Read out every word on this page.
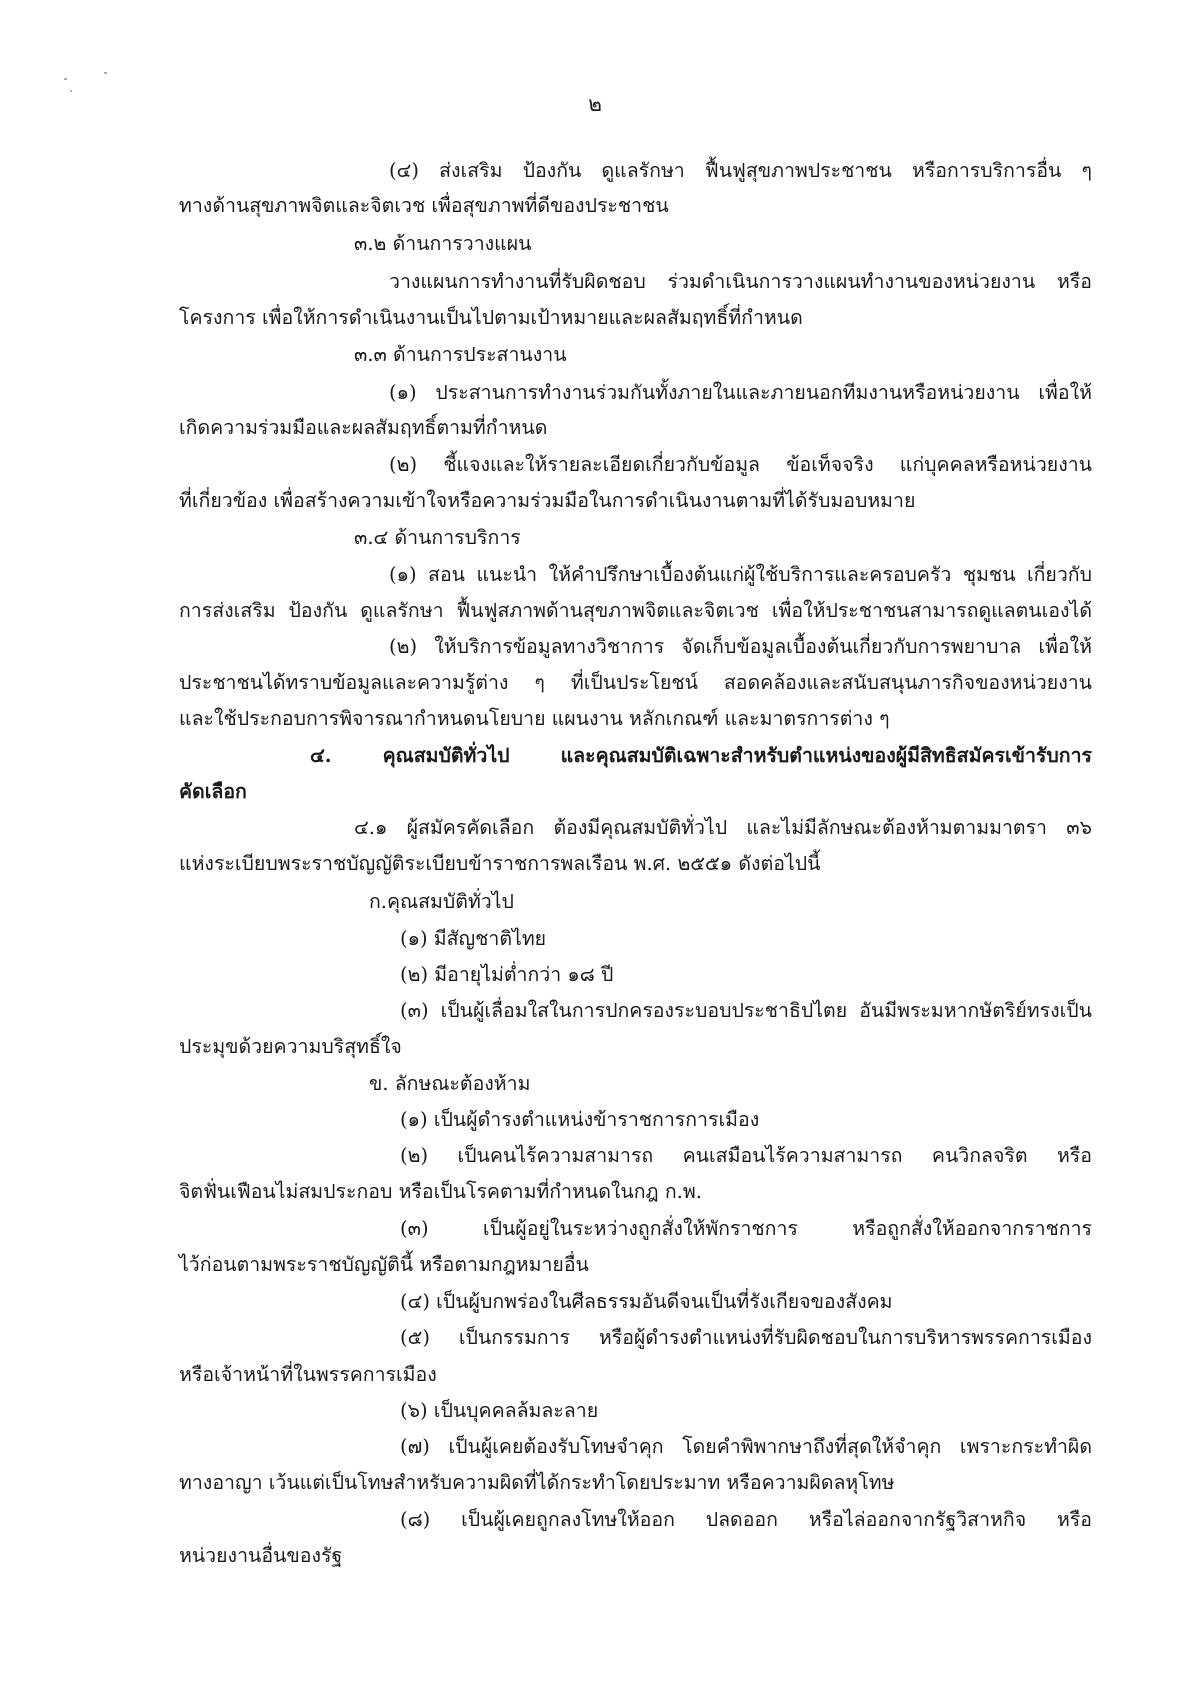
๒
(๔) ส่งเสริม ป้องกัน ดูแลรักษา ฟื้นฟูสุขภาพประชาชน หรือการบริการอื่น ๆ
ทางด้านสุขภาพจิตและจิตเวช เพื่อสุขภาพที่ดีของประชาชน
๓.๒ ด้านการวางแผน
วางแผนการทำงานที่รับผิดชอบ ร่วมดำเนินการวางแผนทำงานของหน่วยงาน หรือ
โครงการ เพื่อให้การดำเนินงานเป็นไปตามเป้าหมายและผลสัมฤทธิ์ที่กำหนด
๓.๓ ด้านการประสานงาน
(๑) ประสานการทำงานร่วมกันทั้งภายในและภายนอกทีมงานหรือหน่วยงาน เพื่อให้
เกิดความร่วมมือและผลสัมฤทธิ์ตามที่กำหนด
(๒) ชี้แจงและให้รายละเอียดเกี่ยวกับข้อมูล ข้อเท็จจริง แก่บุคคลหรือหน่วยงาน
ที่เกี่ยวข้อง เพื่อสร้างความเข้าใจหรือความร่วมมือในการดำเนินงานตามที่ได้รับมอบหมาย
๓.๔ ด้านการบริการ
(๑) สอน แนะนำ ให้คำปรึกษาเบื้องต้นแก่ผู้ใช้บริการและครอบครัว ชุมชน เกี่ยวกับ
การส่งเสริม ป้องกัน ดูแลรักษา ฟื้นฟูสภาพด้านสุขภาพจิตและจิตเวช เพื่อให้ประชาชนสามารถดูแลตนเองได้
(๒) ให้บริการข้อมูลทางวิชาการ จัดเก็บข้อมูลเบื้องต้นเกี่ยวกับการพยาบาล เพื่อให้
ประชาชนได้ทราบข้อมูลและความรู้ต่าง ๆ ที่เป็นประโยชน์ สอดคล้องและสนับสนุนภารกิจของหน่วยงาน
และใช้ประกอบการพิจารณากำหนดนโยบาย แผนงาน หลักเกณฑ์ และมาตรการต่าง ๆ
๔. คุณสมบัติทั่วไป และคุณสมบัติเฉพาะสำหรับตำแหน่งของผู้มีสิทธิสมัครเข้ารับการ
คัดเลือก
๔.๑ ผู้สมัครคัดเลือก ต้องมีคุณสมบัติทั่วไป และไม่มีลักษณะต้องห้ามตามมาตรา ๓๖
แห่งระเบียบพระราชบัญญัติระเบียบข้าราชการพลเรือน พ.ศ. ๒๕๕๑ ดังต่อไปนี้
ก.คุณสมบัติทั่วไป
(๑) มีสัญชาติไทย
(๒) มีอายุไม่ต่ำกว่า ๑๘ ปี
(๓) เป็นผู้เลื่อมใสในการปกครองระบอบประชาธิปไตย อันมีพระมหากษัตริย์ทรงเป็น
ประมุขด้วยความบริสุทธิ์ใจ
ข. ลักษณะต้องห้าม
(๑) เป็นผู้ดำรงตำแหน่งข้าราชการการเมือง
(๒) เป็นคนไร้ความสามารถ คนเสมือนไร้ความสามารถ คนวิกลจริต หรือ
จิตฟั่นเฟือนไม่สมประกอบ หรือเป็นโรคตามที่กำหนดในกฎ ก.พ.
(๓) เป็นผู้อยู่ในระหว่างถูกสั่งให้พักราชการ หรือถูกสั่งให้ออกจากราชการ
ไว้ก่อนตามพระราชบัญญัตินี้ หรือตามกฎหมายอื่น
(๔) เป็นผู้บกพร่องในศีลธรรมอันดีจนเป็นที่รังเกียจของสังคม
(๕) เป็นกรรมการ หรือผู้ดำรงตำแหน่งที่รับผิดชอบในการบริหารพรรคการเมือง
หรือเจ้าหน้าที่ในพรรคการเมือง
(๖) เป็นบุคคลล้มละลาย
(๗) เป็นผู้เคยต้องรับโทษจำคุก โดยคำพิพากษาถึงที่สุดให้จำคุก เพราะกระทำผิด
ทางอาญา เว้นแต่เป็นโทษสำหรับความผิดที่ได้กระทำโดยประมาท หรือความผิดลหุโทษ
(๘) เป็นผู้เคยถูกลงโทษให้ออก ปลดออก หรือไล่ออกจากรัฐวิสาหกิจ หรือ
หน่วยงานอื่นของรัฐ
